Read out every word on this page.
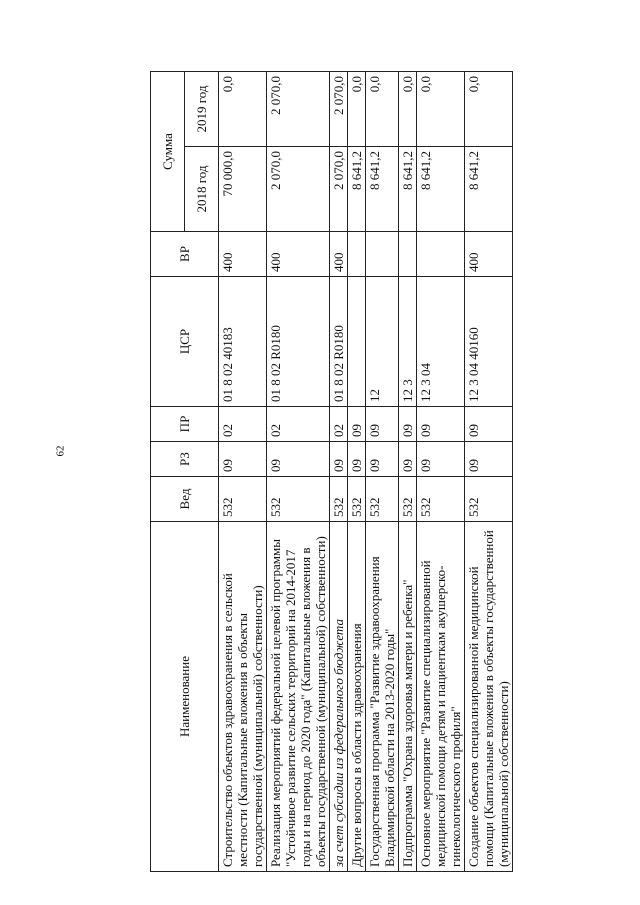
62
Наименование	Вед	РЗ	ПР	ЦСР	ВР	Сумма	
						2018 год	2019 год
Строительство объектов здравоохранения в сельской местности (Капитальные вложения в объекты государственной (муниципальной) собственности)	532	09	02	01 8 02 40183	400	70 000,0	0,0
Реализация мероприятий федеральной целевой программы "Устойчивое развитие сельских территорий на 2014-2017 годы и на период до 2020 года" (Капитальные вложения в объекты государственной (муниципальной) собственности)	532	09	02	01 8 02 R0180	400	2 070,0	2 070,0
за счет субсидии из федерального бюджета	532	09	02	01 8 02 R0180	400	2 070,0	2 070,0
Другие вопросы в области здравоохранения	532	09	09			8 641,2	0,0
Государственная программа "Развитие здравоохранения Владимирской области на 2013-2020 годы"	532	09	09	12		8 641,2	0,0
Подпрограмма "Охрана здоровья матери и ребенка"	532	09	09	12 3		8 641,2	0,0
Основное мероприятие "Развитие специализированной медицинской помощи детям и пациенткам акушерско-гинекологического профиля"	532	09	09	12 3 04		8 641,2	0,0
Создание объектов специализированной медицинской помощи (Капитальные вложения в объекты государственной (муниципальной) собственности)	532	09	09	12 3 04 40160	400	8 641,2	0,0
